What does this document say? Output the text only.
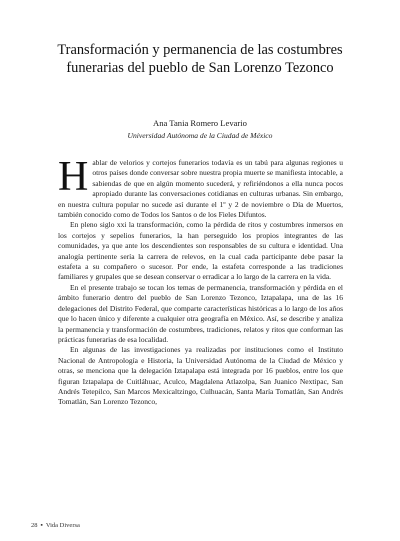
Transformación y permanencia de las costumbres funerarias del pueblo de San Lorenzo Tezonco
Ana Tania Romero Levario
Universidad Autónoma de la Ciudad de México

Hablar de velorios y cortejos funerarios todavía es un tabú para algunas regiones u otros países donde conversar sobre nuestra propia muerte se manifiesta intocable, a sabiendas de que en algún momento sucederá, y refiriéndonos a ella nunca pocos apropiado durante las conversaciones cotidianas en culturas urbanas. Sin embargo, en nuestra cultura popular no sucede así durante el 1º y 2 de noviembre o Día de Muertos, también conocido como de Todos los Santos o de los Fieles Difuntos.

En pleno siglo xxi la transformación, como la pérdida de ritos y costumbres inmersos en los cortejos y sepelios funerarios, la han perseguido los propios integrantes de las comunidades, ya que ante los descendientes son responsables de su cultura e identidad. Una analogía pertinente sería la carrera de relevos, en la cual cada participante debe pasar la estafeta a su compañero o sucesor. Por ende, la estafeta corresponde a las tradiciones familiares y grupales que se desean conservar o erradicar a lo largo de la carrera en la vida.

En el presente trabajo se tocan los temas de permanencia, transformación y pérdida en el ámbito funerario dentro del pueblo de San Lorenzo Tezonco, Iztapalapa, una de las 16 delegaciones del Distrito Federal, que comparte características históricas a lo largo de los años que lo hacen único y diferente a cualquier otra geografía en México. Así, se describe y analiza la permanencia y transformación de costumbres, tradiciones, relatos y ritos que conforman las prácticas funerarias de esa localidad.

En algunas de las investigaciones ya realizadas por instituciones como el Instituto Nacional de Antropología e Historia, la Universidad Autónoma de la Ciudad de México y otras, se menciona que la delegación Iztapalapa está integrada por 16 pueblos, entre los que figuran Iztapalapa de Cuitláhuac, Aculco, Magdalena Atlazolpa, San Juanico Nextipac, San Andrés Tetepilco, San Marcos Mexicaltzingo, Culhuacán, Santa María Tomatlán, San Andrés Tomatlán, San Lorenzo Tezonco,

28 ▪ Vida Diversa
